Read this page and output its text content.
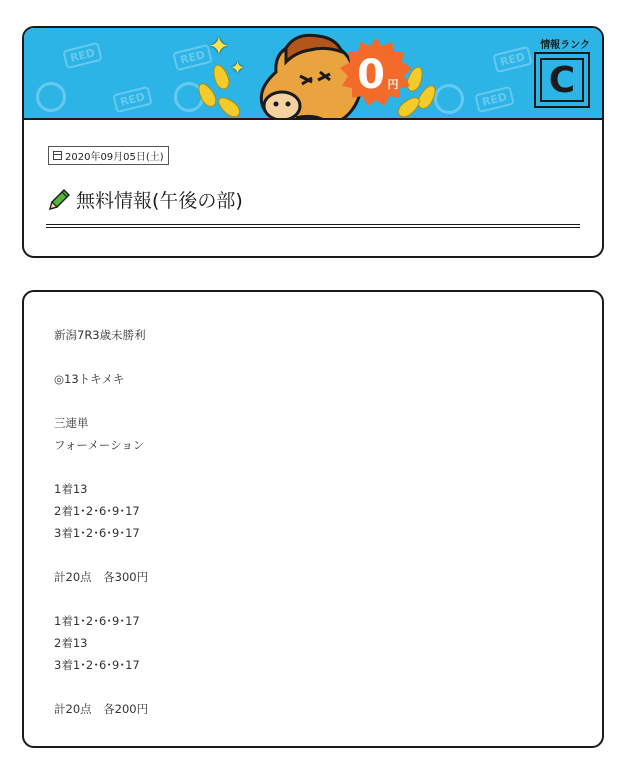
RED	RED
RED
RED
RED
✦
✦	0 円
情報ランク
C
2020年09月05日(土)
無料情報(午後の部)
新潟7R3歳未勝利
◎13トキメキ
三連単
フォーメーション
1着13
2着1･2･6･9･17
3着1･2･6･9･17
計20点　各300円
1着1･2･6･9･17
2着13
3着1･2･6･9･17
計20点　各200円
